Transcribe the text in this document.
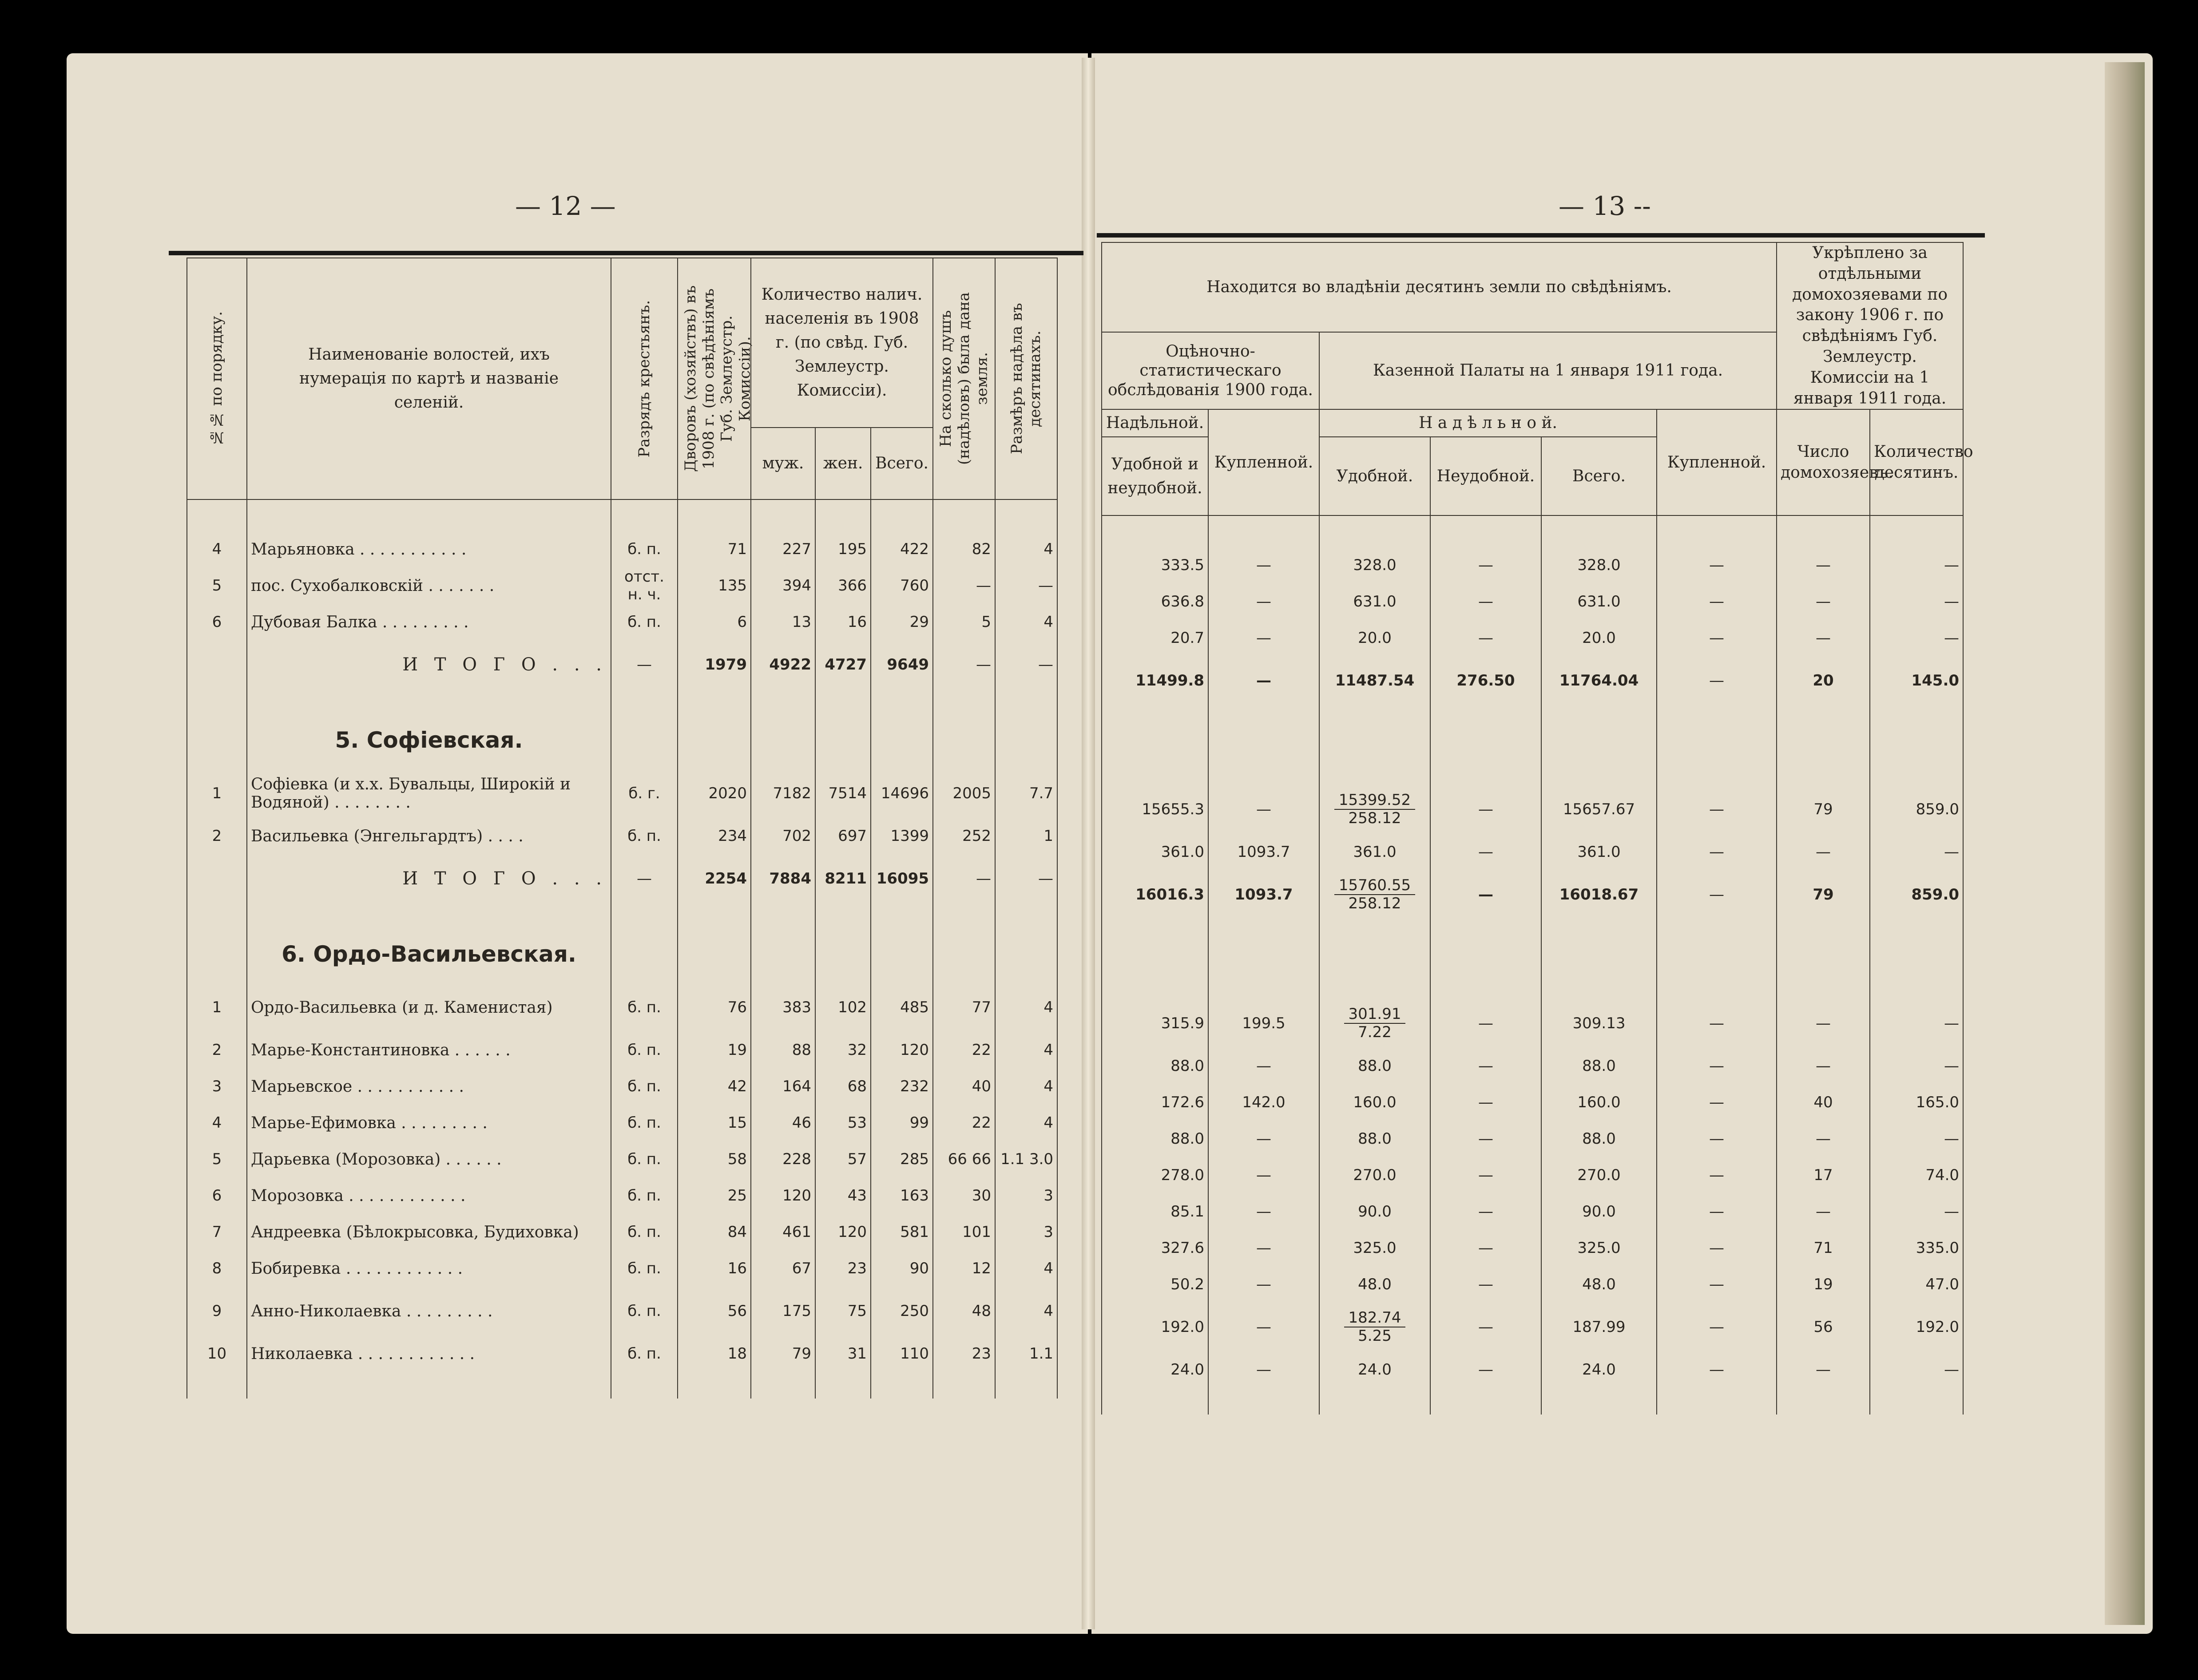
— 12 —	— 13 --
№№ по порядку.	Наименованіе волостей, ихъ нумерація по картѣ и названіе селеній.	Разрядъ крестьянъ.	Дворовъ (хозяйствъ) въ 1908 г. (по свѣдѣніямъ Губ. Землеустр. Комиссіи).	Количество налич. населенія въ 1908 г. (по свѣд. Губ. Землеустр. Комиссіи).			На сколько душъ (надѣловъ) была дана земля.	Размѣръ надѣла въ десятинахъ.

				муж.	жен.	Всего.		

4	Марьяновка . . . . . . . . . . .	б. п.	71	227	195	422	82	4
5	пос. Сухобалковскій . . . . . . .	отст. н. ч.	135	394	366	760	—	—
6	Дубовая Балка . . . . . . . . .	б. п.	6	13	16	29	5	4
	И Т О Г О . . .	—	1979	4922	4727	9649	—	—

	5. Софіевская.							
1	Софіевка (и х.х. Бувальцы, Широкій и Водяной) . . . . . . . .	б. г.	2020	7182	7514	14696	2005	7.7
2	Васильевка (Энгельгардтъ) . . . .	б. п.	234	702	697	1399	252	1
	И Т О Г О . . .	—	2254	7884	8211	16095	—	—

	6. Ордо-Васильевская.							
1	Ордо-Васильевка (и д. Каменистая)	б. п.	76	383	102	485	77	4
2	Марье-Константиновка . . . . . .	б. п.	19	88	32	120	22	4
3	Марьевское . . . . . . . . . . .	б. п.	42	164	68	232	40	4
4	Марье-Ефимовка . . . . . . . . .	б. п.	15	46	53	99	22	4
5	Дарьевка (Морозовка) . . . . . .	б. п.	58	228	57	285	66 66	1.1 3.0
6	Морозовка . . . . . . . . . . . .	б. п.	25	120	43	163	30	3
7	Андреевка (Бѣлокрысовка, Будиховка)	б. п.	84	461	120	581	101	3
8	Бобиревка . . . . . . . . . . . .	б. п.	16	67	23	90	12	4
9	Анно-Николаевка . . . . . . . . .	б. п.	56	175	75	250	48	4
10	Николаевка . . . . . . . . . . . .	б. п.	18	79	31	110	23	1.1

Находится во владѣніи десятинъ земли по свѣдѣніямъ.						Укрѣплено за отдѣльными домохозяевами по закону 1906 г. по свѣдѣніямъ Губ. Землеустр. Комиссіи на 1 января 1911 года.	
Оцѣночно-статистическаго обслѣдованія 1900 года.		Казенной Палаты на 1 января 1911 года.					
Надѣльной.	Купленной.	Н а д ѣ л ь н о й.			Купленной.	Число домохозяевъ.	Количество десятинъ.
Удобной и неудобной.		Удобной.	Неудобной.	Всего.			

333.5	—	328.0	—	328.0	—	—	—
636.8	—	631.0	—	631.0	—	—	—
20.7	—	20.0	—	20.0	—	—	—
11499.8	—	11487.54	276.50	11764.04	—	20	145.0

15655.3	—	$\frac{15399.52}{258.12}$	—	15657.67	—	79	859.0
361.0	1093.7	361.0	—	361.0	—	—	—
16016.3	1093.7	$\frac{15760.55}{258.12}$	—	16018.67	—	79	859.0

315.9	199.5	$\frac{301.91}{7.22}$	—	309.13	—	—	—
88.0	—	88.0	—	88.0	—	—	—
172.6	142.0	160.0	—	160.0	—	40	165.0
88.0	—	88.0	—	88.0	—	—	—
278.0	—	270.0	—	270.0	—	17	74.0
85.1	—	90.0	—	90.0	—	—	—
327.6	—	325.0	—	325.0	—	71	335.0
50.2	—	48.0	—	48.0	—	19	47.0
192.0	—	$\frac{182.74}{5.25}$	—	187.99	—	56	192.0
24.0	—	24.0	—	24.0	—	—	—
